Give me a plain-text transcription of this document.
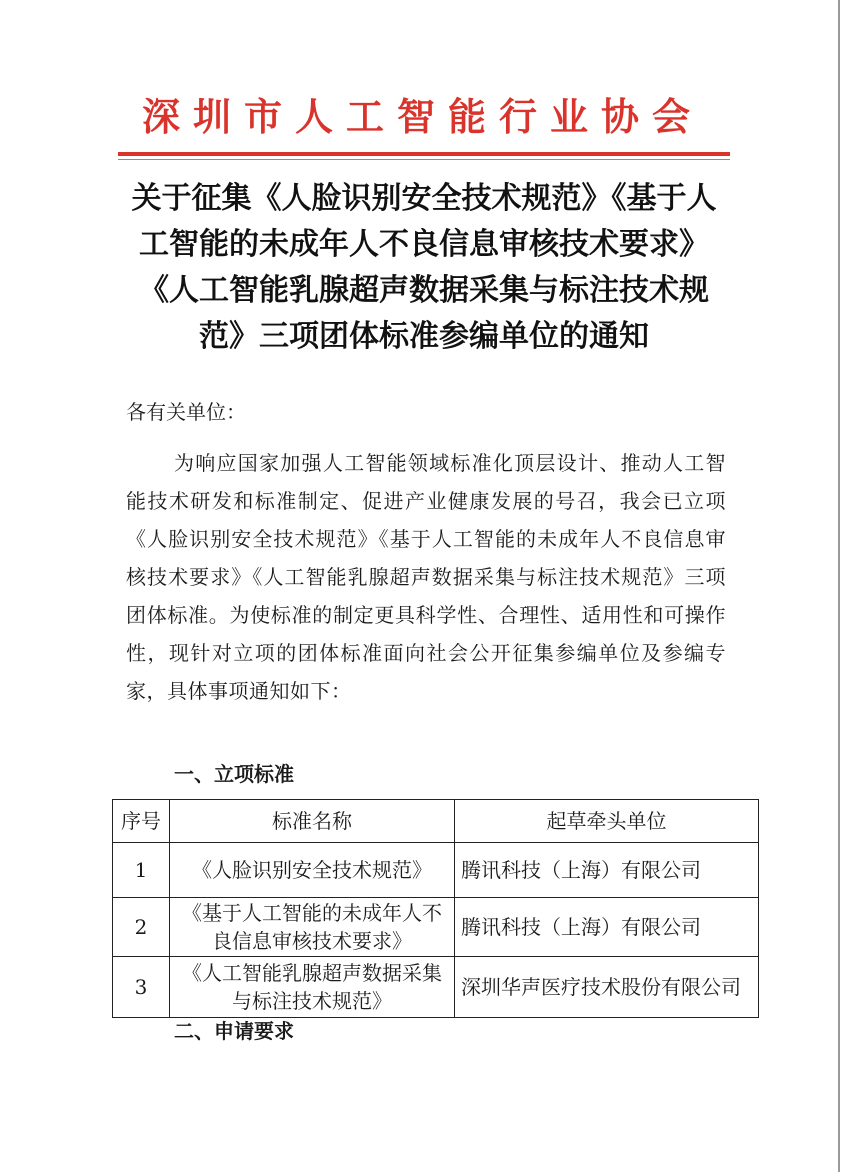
深圳市人工智能行业协会
关于征集《人脸识别安全技术规范》《基于人工智能的未成年人不良信息审核技术要求》《人工智能乳腺超声数据采集与标注技术规范》三项团体标准参编单位的通知
各有关单位：
为响应国家加强人工智能领域标准化顶层设计、推动人工智能技术研发和标准制定、促进产业健康发展的号召，我会已立项《人脸识别安全技术规范》《基于人工智能的未成年人不良信息审核技术要求》《人工智能乳腺超声数据采集与标注技术规范》三项团体标准。为使标准的制定更具科学性、合理性、适用性和可操作性，现针对立项的团体标准面向社会公开征集参编单位及参编专家，具体事项通知如下：
一、立项标准
序号	标准名称	起草牵头单位
1	《人脸识别安全技术规范》	腾讯科技（上海）有限公司
2	《基于人工智能的未成年人不良信息审核技术要求》	腾讯科技（上海）有限公司
3	《人工智能乳腺超声数据采集与标注技术规范》	深圳华声医疗技术股份有限公司
二、申请要求
